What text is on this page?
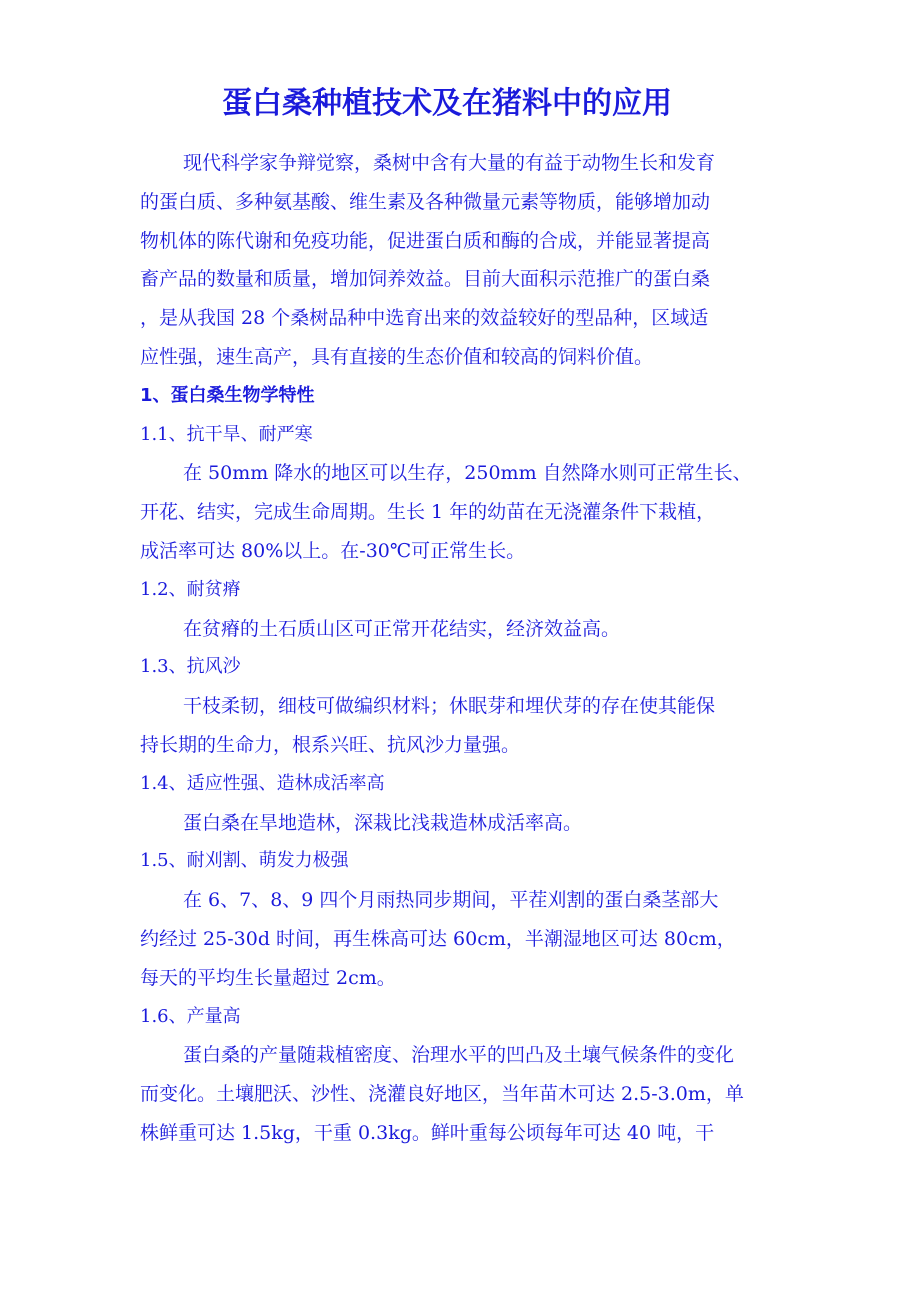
蛋白桑种植技术及在猪料中的应用

现代科学家争辩觉察，桑树中含有大量的有益于动物生长和发育

的蛋白质、多种氨基酸、维生素及各种微量元素等物质，能够增加动

物机体的陈代谢和免疫功能，促进蛋白质和酶的合成，并能显著提高

畜产品的数量和质量，增加饲养效益。目前大面积示范推广的蛋白桑

，是从我国 28 个桑树品种中选育出来的效益较好的型品种，区域适

应性强，速生高产，具有直接的生态价值和较高的饲料价值。

1、蛋白桑生物学特性

1.1、抗干旱、耐严寒

在 50mm 降水的地区可以生存，250mm 自然降水则可正常生长、

开花、结实，完成生命周期。生长 1 年的幼苗在无浇灌条件下栽植，

成活率可达 80%以上。在-30℃可正常生长。

1.2、耐贫瘠

在贫瘠的土石质山区可正常开花结实，经济效益高。

1.3、抗风沙

干枝柔韧，细枝可做编织材料；休眠芽和埋伏芽的存在使其能保

持长期的生命力，根系兴旺、抗风沙力量强。

1.4、适应性强、造林成活率高

蛋白桑在旱地造林，深栽比浅栽造林成活率高。

1.5、耐刈割、萌发力极强

在 6、7、8、9 四个月雨热同步期间，平茬刈割的蛋白桑茎部大

约经过 25-30d 时间，再生株高可达 60cm，半潮湿地区可达 80cm，

每天的平均生长量超过 2cm。

1.6、产量高

蛋白桑的产量随栽植密度、治理水平的凹凸及土壤气候条件的变化

而变化。土壤肥沃、沙性、浇灌良好地区，当年苗木可达 2.5-3.0m，单

株鲜重可达 1.5kg，干重 0.3kg。鲜叶重每公顷每年可达 40 吨，干
